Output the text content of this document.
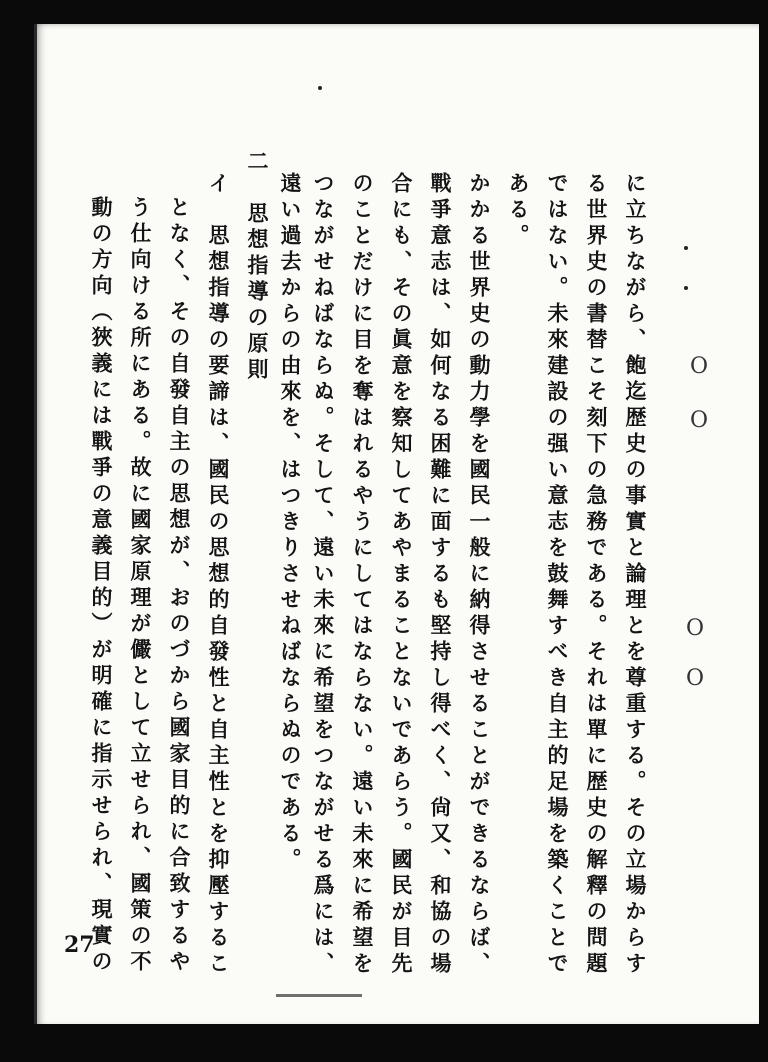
O
O
O
O
に立ちながら、飽迄歴史の事實と論理とを尊重する。その立場からす
る世界史の書替こそ刻下の急務である。それは單に歴史の解釋の問題
ではない。未來建設の强い意志を鼓舞すべき自主的足場を築くことで
ある。
かかる世界史の動力學を國民一般に納得させることができるならば、
戰爭意志は、如何なる困難に面するも堅持し得べく、尙又、和協の場
合にも、その眞意を察知してあやまることないであらう。國民が目先
のことだけに目を奪はれるやうにしてはならない。遠い未來に希望を
つながせねばならぬ。そして、遠い未來に希望をつながせる爲には、
遠い過去からの由來を、はつきりさせねばならぬのである。
二　思想指導の原則
イ　思想指導の要諦は、國民の思想的自發性と自主性とを抑壓するこ
となく、その自發自主の思想が、おのづから國家目的に合致するや
う仕向ける所にある。故に國家原理が儼として立せられ、國策の不
動の方向（狹義には戰爭の意義目的）が明確に指示せられ、現實の
27
